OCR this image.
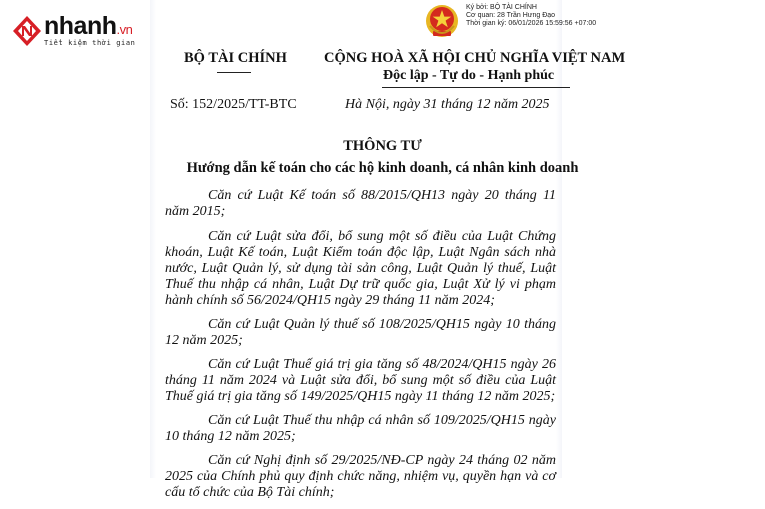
nhanh.vn
Tiết kiệm thời gian
Ký bởi: BỘ TÀI CHÍNH
Cơ quan: 28 Trần Hưng Đạo
Thời gian ký: 06/01/2026 15:59:56 +07:00
BỘ TÀI CHÍNH	CỘNG HOÀ XÃ HỘI CHỦ NGHĨA VIỆT NAM
Độc lập - Tự do - Hạnh phúc
Số: 152/2025/TT-BTC	Hà Nội, ngày 31 tháng 12 năm 2025
THÔNG TƯ
Hướng dẫn kế toán cho các hộ kinh doanh, cá nhân kinh doanh

Căn cứ Luật Kế toán số 88/2015/QH13 ngày 20 tháng 11 năm 2015;

Căn cứ Luật sửa đổi, bổ sung một số điều của Luật Chứng khoán, Luật Kế toán, Luật Kiểm toán độc lập, Luật Ngân sách nhà nước, Luật Quản lý, sử dụng tài sản công, Luật Quản lý thuế, Luật Thuế thu nhập cá nhân, Luật Dự trữ quốc gia, Luật Xử lý vi phạm hành chính số 56/2024/QH15 ngày 29 tháng 11 năm 2024;

Căn cứ Luật Quản lý thuế số 108/2025/QH15 ngày 10 tháng 12 năm 2025;

Căn cứ Luật Thuế giá trị gia tăng số 48/2024/QH15 ngày 26 tháng 11 năm 2024 và Luật sửa đổi, bổ sung một số điều của Luật Thuế giá trị gia tăng số 149/2025/QH15 ngày 11 tháng 12 năm 2025;

Căn cứ Luật Thuế thu nhập cá nhân số 109/2025/QH15 ngày 10 tháng 12 năm 2025;

Căn cứ Nghị định số 29/2025/NĐ-CP ngày 24 tháng 02 năm 2025 của Chính phủ quy định chức năng, nhiệm vụ, quyền hạn và cơ cấu tổ chức của Bộ Tài chính;
